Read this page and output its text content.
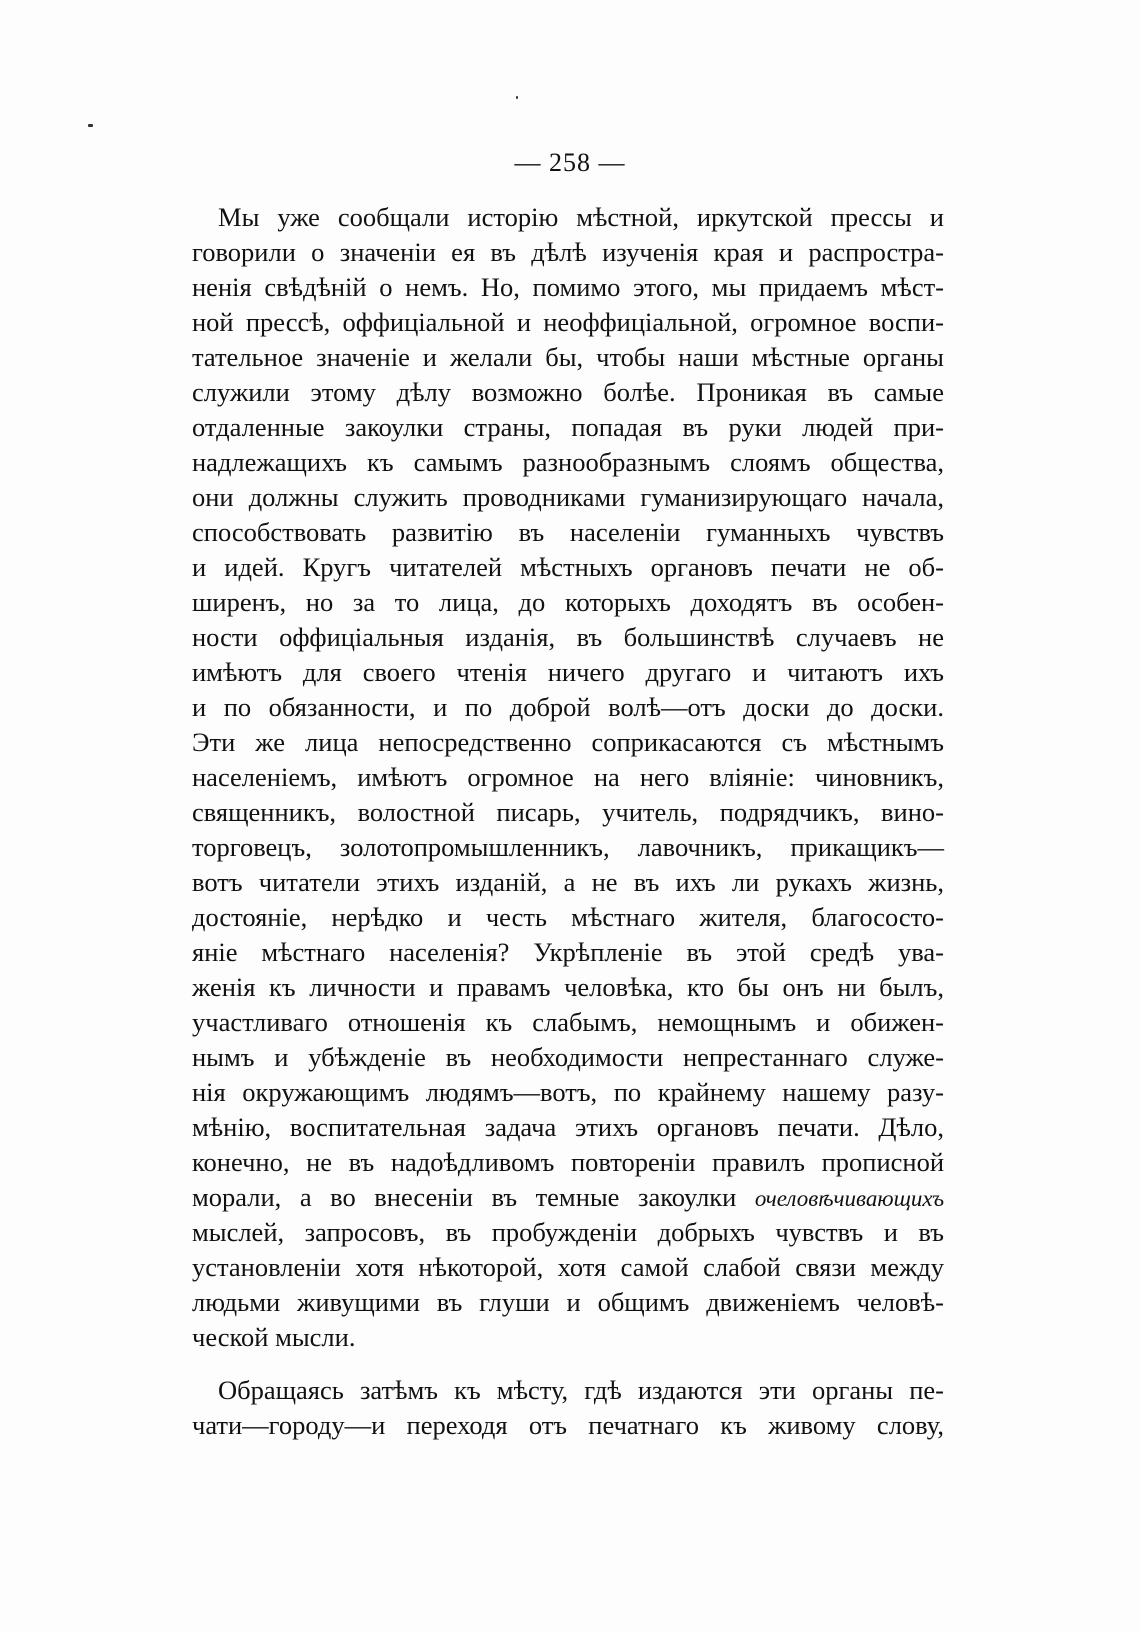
— 258 —
Мы уже сообщали исторію мѣстной, иркутской прессы и
говорили о значеніи ея въ дѣлѣ изученія края и распростра-
ненія свѣдѣній о немъ. Но, помимо этого, мы придаемъ мѣст-
ной прессѣ, оффиціальной и неоффиціальной, огромное воспи-
тательное значеніе и желали бы, чтобы наши мѣстные органы
служили этому дѣлу возможно болѣе. Проникая въ самые
отдаленные закоулки страны, попадая въ руки людей при-
надлежащихъ къ самымъ разнообразнымъ слоямъ общества,
они должны служить проводниками гуманизирующаго начала,
способствовать развитію въ населеніи гуманныхъ чувствъ
и идей. Кругъ читателей мѣстныхъ органовъ печати не об-
ширенъ, но за то лица, до которыхъ доходятъ въ особен-
ности оффиціальныя изданія, въ большинствѣ случаевъ не
имѣютъ для своего чтенія ничего другаго и читаютъ ихъ
и по обязанности, и по доброй волѣ—отъ доски до доски.
Эти же лица непосредственно соприкасаются съ мѣстнымъ
населеніемъ, имѣютъ огромное на него вліяніе: чиновникъ,
священникъ, волостной писарь, учитель, подрядчикъ, вино-
торговецъ, золотопромышленникъ, лавочникъ, прикащикъ—
вотъ читатели этихъ изданій, а не въ ихъ ли рукахъ жизнь,
достояніе, нерѣдко и честь мѣстнаго жителя, благососто-
яніе мѣстнаго населенія? Укрѣпленіе въ этой средѣ ува-
женія къ личности и правамъ человѣка, кто бы онъ ни былъ,
участливаго отношенія къ слабымъ, немощнымъ и обижен-
нымъ и убѣжденіе въ необходимости непрестаннаго служе-
нія окружающимъ людямъ—вотъ, по крайнему нашему разу-
мѣнію, воспитательная задача этихъ органовъ печати. Дѣло,
конечно, не въ надоѣдливомъ повтореніи правилъ прописной
морали, а во внесеніи въ темные закоулки очеловѣчивающихъ
мыслей, запросовъ, въ пробужденіи добрыхъ чувствъ и въ
установленіи хотя нѣкоторой, хотя самой слабой связи между
людьми живущими въ глуши и общимъ движеніемъ человѣ-
ческой мысли.
Обращаясь затѣмъ къ мѣсту, гдѣ издаются эти органы пе-
чати—городу—и переходя отъ печатнаго къ живому слову,
